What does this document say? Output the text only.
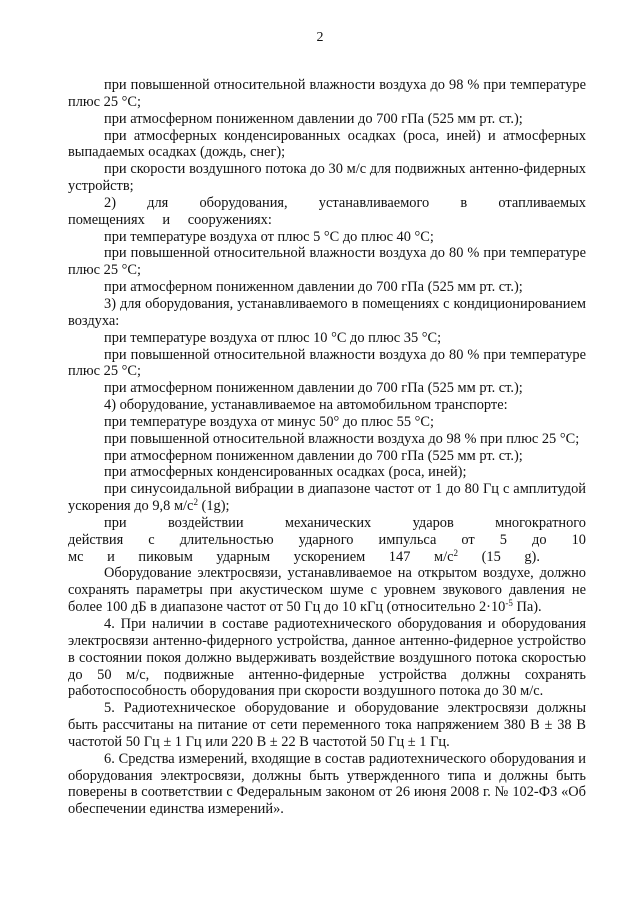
2

при повышенной относительной влажности воздуха до 98 % при температуре плюс 25 °С;

при атмосферном пониженном давлении до 700 гПа (525 мм рт. ст.);

при атмосферных конденсированных осадках (роса, иней) и атмосферных выпадаемых осадках (дождь, снег);

при скорости воздушного потока до 30 м/с для подвижных антенно-фидерных устройств;

2) для оборудования, устанавливаемого в отапливаемых помещениях и сооружениях:

при температуре воздуха от плюс 5 °С до плюс 40 °С;

при повышенной относительной влажности воздуха до 80 % при температуре плюс 25 °С;

при атмосферном пониженном давлении до 700 гПа (525 мм рт. ст.);

3) для оборудования, устанавливаемого в помещениях с кондиционированием воздуха:

при температуре воздуха от плюс 10 °С до плюс 35 °С;

при повышенной относительной влажности воздуха до 80 % при температуре плюс 25 °С;

при атмосферном пониженном давлении до 700 гПа (525 мм рт. ст.);

4) оборудование, устанавливаемое на автомобильном транспорте:

при температуре воздуха от минус 50° до плюс 55 °С;

при повышенной относительной влажности воздуха до 98 % при плюс 25 °С;

при атмосферном пониженном давлении до 700 гПа (525 мм рт. ст.);

при атмосферных конденсированных осадках (роса, иней);

при синусоидальной вибрации в диапазоне частот от 1 до 80 Гц с амплитудой ускорения до 9,8 $м/с^2$ (1g);

при воздействии механических ударов многократного действия с длительностью ударного импульса от 5 до 10 мс и пиковым ударным ускорением 147 $м/с^2$ (15 g).

Оборудование электросвязи, устанавливаемое на открытом воздухе, должно сохранять параметры при акустическом шуме с уровнем звукового давления не более 100 дБ в диапазоне частот от 50 Гц до 10 кГц (относительно $2\cdot 10^{-5}$ Па).

4. При наличии в составе радиотехнического оборудования и оборудования электросвязи антенно-фидерного устройства, данное антенно-фидерное устройство в состоянии покоя должно выдерживать воздействие воздушного потока скоростью до 50 м/с, подвижные антенно-фидерные устройства должны сохранять работоспособность оборудования при скорости воздушного потока до 30 м/с.

5. Радиотехническое оборудование и оборудование электросвязи должны быть рассчитаны на питание от сети переменного тока напряжением 380 В ± 38 В частотой 50 Гц ± 1 Гц или 220 В ± 22 В частотой 50 Гц ± 1 Гц.

6. Средства измерений, входящие в состав радиотехнического оборудования и оборудования электросвязи, должны быть утвержденного типа и должны быть поверены в соответствии с Федеральным законом от 26 июня 2008 г. № 102-ФЗ «Об обеспечении единства измерений».
